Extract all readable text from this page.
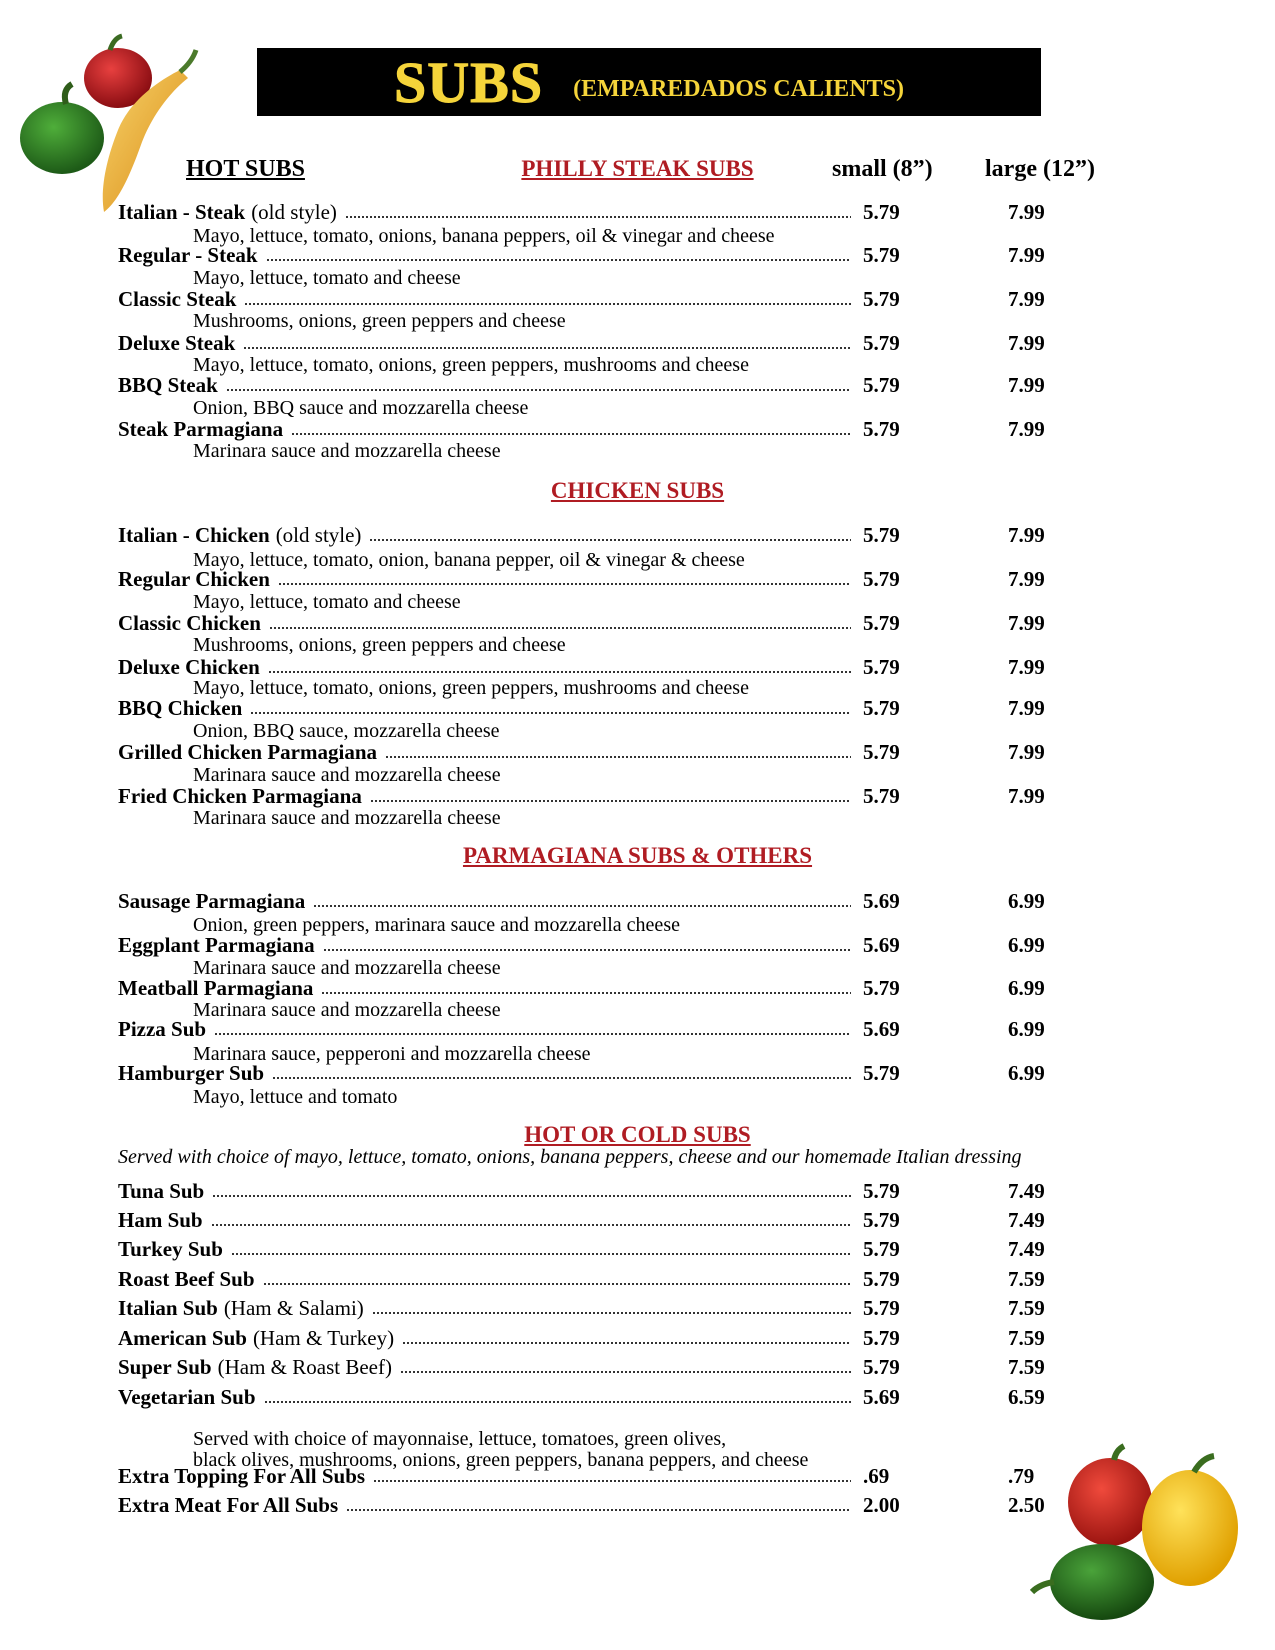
SUBS (EMPAREDADOS CALIENTS)
HOT SUBS	PHILLY STEAK SUBS	small (8”) large (12”)
Italian - Steak (old style)	5.79	7.99
Mayo, lettuce, tomato, onions, banana peppers, oil & vinegar and cheese
Regular - Steak	5.79	7.99
Mayo, lettuce, tomato and cheese
Classic Steak	5.79	7.99
Mushrooms, onions, green peppers and cheese
Deluxe Steak	5.79	7.99
Mayo, lettuce, tomato, onions, green peppers, mushrooms and cheese
BBQ Steak	5.79	7.99
Onion, BBQ sauce and mozzarella cheese
Steak Parmagiana	5.79	7.99
Marinara sauce and mozzarella cheese
CHICKEN SUBS
Italian - Chicken (old style)	5.79	7.99
Mayo, lettuce, tomato, onion, banana pepper, oil & vinegar & cheese
Regular Chicken	5.79	7.99
Mayo, lettuce, tomato and cheese
Classic Chicken	5.79	7.99
Mushrooms, onions, green peppers and cheese
Deluxe Chicken	5.79	7.99
Mayo, lettuce, tomato, onions, green peppers, mushrooms and cheese
BBQ Chicken	5.79	7.99
Onion, BBQ sauce, mozzarella cheese
Grilled Chicken Parmagiana	5.79	7.99
Marinara sauce and mozzarella cheese
Fried Chicken Parmagiana	5.79	7.99
Marinara sauce and mozzarella cheese
PARMAGIANA SUBS & OTHERS
Sausage Parmagiana	5.69	6.99
Onion, green peppers, marinara sauce and mozzarella cheese
Eggplant Parmagiana	5.69	6.99
Marinara sauce and mozzarella cheese
Meatball Parmagiana	5.79	6.99
Marinara sauce and mozzarella cheese
Pizza Sub	5.69	6.99
Marinara sauce, pepperoni and mozzarella cheese
Hamburger Sub	5.79	6.99
Mayo, lettuce and tomato
HOT OR COLD SUBS
Served with choice of mayo, lettuce, tomato, onions, banana peppers, cheese and our homemade Italian dressing
Tuna Sub	5.79	7.49
Ham Sub	5.79	7.49
Turkey Sub	5.79	7.49
Roast Beef Sub	5.79	7.59
Italian Sub (Ham & Salami)	5.79	7.59
American Sub (Ham & Turkey)	5.79	7.59
Super Sub (Ham & Roast Beef)	5.79	7.59
Vegetarian Sub	5.69	6.59
Served with choice of mayonnaise, lettuce, tomatoes, green olives,
black olives, mushrooms, onions, green peppers, banana peppers, and cheese
Extra Topping For All Subs	.69	.79
Extra Meat For All Subs	2.00	2.50
